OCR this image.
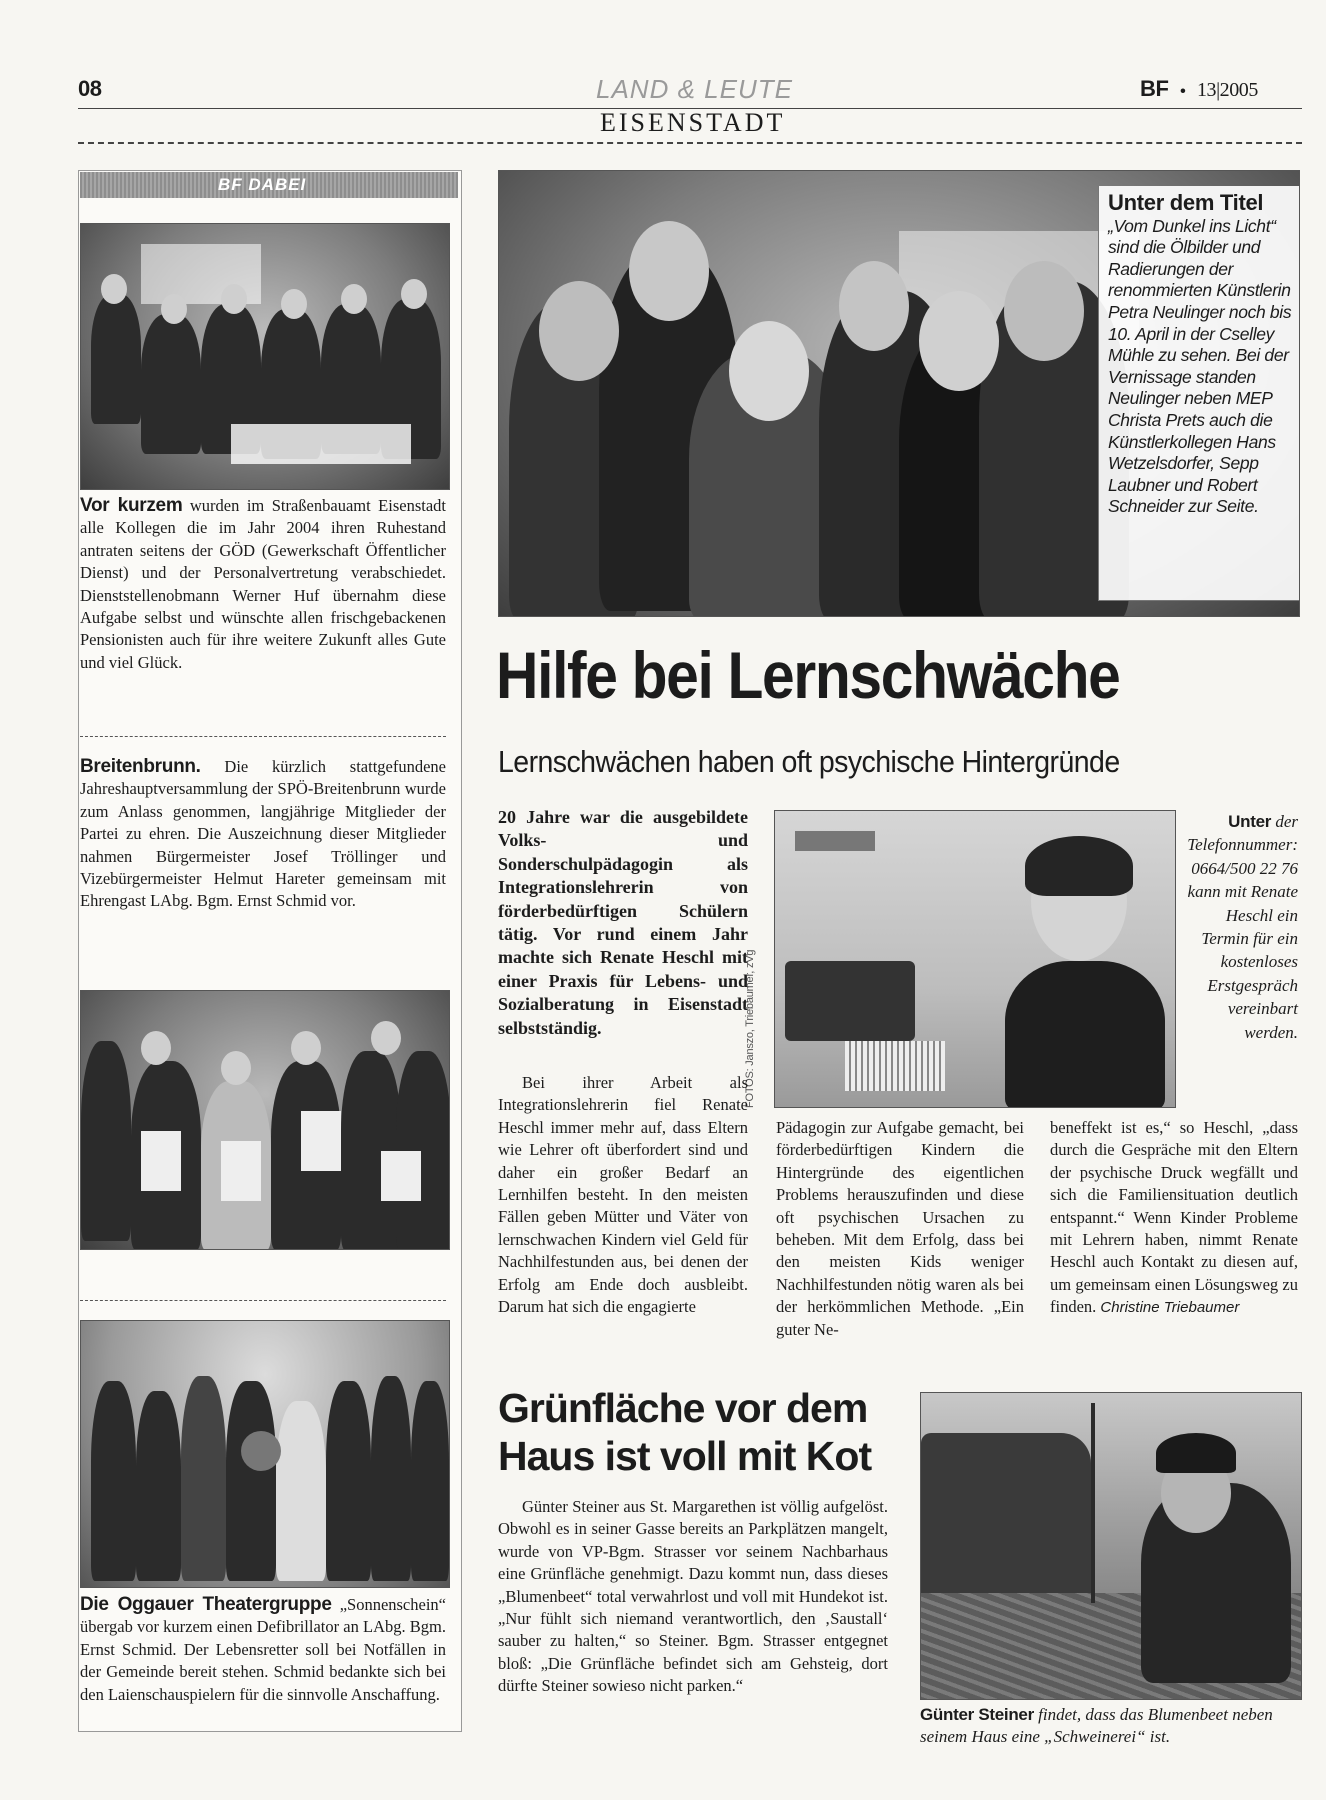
08	LAND & LEUTE	BF • 13|2005
EISENSTADT
BF DABEI
Vor kurzem wurden im Straßenbauamt Eisenstadt alle Kollegen die im Jahr 2004 ihren Ruhestand antraten seitens der GÖD (Gewerkschaft Öffentlicher Dienst) und der Personalvertretung verabschiedet. Dienststellenobmann Werner Huf übernahm diese Aufgabe selbst und wünschte allen frischgebackenen Pensionisten auch für ihre weitere Zukunft alles Gute und viel Glück.
Breitenbrunn. Die kürzlich stattgefundene Jahreshauptversammlung der SPÖ-Breitenbrunn wurde zum Anlass genommen, langjährige Mitglieder der Partei zu ehren. Die Auszeichnung dieser Mitglieder nahmen Bürgermeister Josef Tröllinger und Vizebürgermeister Helmut Hareter gemeinsam mit Ehrengast LAbg. Bgm. Ernst Schmid vor.
Die Oggauer Theatergruppe „Sonnenschein“ übergab vor kurzem einen Defibrillator an LAbg. Bgm. Ernst Schmid. Der Lebensretter soll bei Notfällen in der Gemeinde bereit stehen. Schmid bedankte sich bei den Laienschauspielern für die sinnvolle Anschaffung.
Unter dem Titel
„Vom Dunkel ins Licht“ sind die Ölbilder und Radierungen der renommierten Künstlerin Petra Neulinger noch bis 10. April in der Cselley Mühle zu sehen. Bei der Vernissage standen Neulinger neben MEP Christa Prets auch die Künstlerkollegen Hans Wetzelsdorfer, Sepp Laubner und Robert Schneider zur Seite.
Hilfe bei Lernschwäche
Lernschwächen haben oft psychische Hintergründe
20 Jahre war die ausgebildete Volks- und Sonderschulpädagogin als Integrationslehrerin von förderbedürftigen Schülern tätig. Vor rund einem Jahr machte sich Renate Heschl mit einer Praxis für Lebens- und Sozialberatung in Eisenstadt selbstständig.	FOTOS: Janszo, Triebaumer, zVg
Unter der Telefonnummer: 0664/500 22 76 kann mit Renate Heschl ein Termin für ein kostenloses Erstgespräch vereinbart werden.
Bei ihrer Arbeit als Integrationslehrerin fiel Renate Heschl immer mehr auf, dass Eltern wie Lehrer oft überfordert sind und daher ein großer Bedarf an Lernhilfen besteht. In den meisten Fällen geben Mütter und Väter von lernschwachen Kindern viel Geld für Nachhilfestunden aus, bei denen der Erfolg am Ende doch ausbleibt. Darum hat sich die engagierte
Pädagogin zur Aufgabe gemacht, bei förderbedürftigen Kindern die Hintergründe des eigentlichen Problems herauszufinden und diese oft psychischen Ursachen zu beheben. Mit dem Erfolg, dass bei den meisten Kids weniger Nachhilfestunden nötig waren als bei der herkömmlichen Methode. „Ein guter Ne-
beneffekt ist es,“ so Heschl, „dass durch die Gespräche mit den Eltern der psychische Druck wegfällt und sich die Familiensituation deutlich entspannt.“ Wenn Kinder Probleme mit Lehrern haben, nimmt Renate Heschl auch Kontakt zu diesen auf, um gemeinsam einen Lösungsweg zu finden. Christine Triebaumer
Grünfläche vor dem Haus ist voll mit Kot
Günter Steiner aus St. Margarethen ist völlig aufgelöst. Obwohl es in seiner Gasse bereits an Parkplätzen mangelt, wurde von VP-Bgm. Strasser vor seinem Nachbarhaus eine Grünfläche genehmigt. Dazu kommt nun, dass dieses „Blumenbeet“ total verwahrlost und voll mit Hundekot ist. „Nur fühlt sich niemand verantwortlich, den ‚Saustall‘ sauber zu halten,“ so Steiner. Bgm. Strasser entgegnet bloß: „Die Grünfläche befindet sich am Gehsteig, dort dürfte Steiner sowieso nicht parken.“
Günter Steiner findet, dass das Blumenbeet neben seinem Haus eine „Schweinerei“ ist.
